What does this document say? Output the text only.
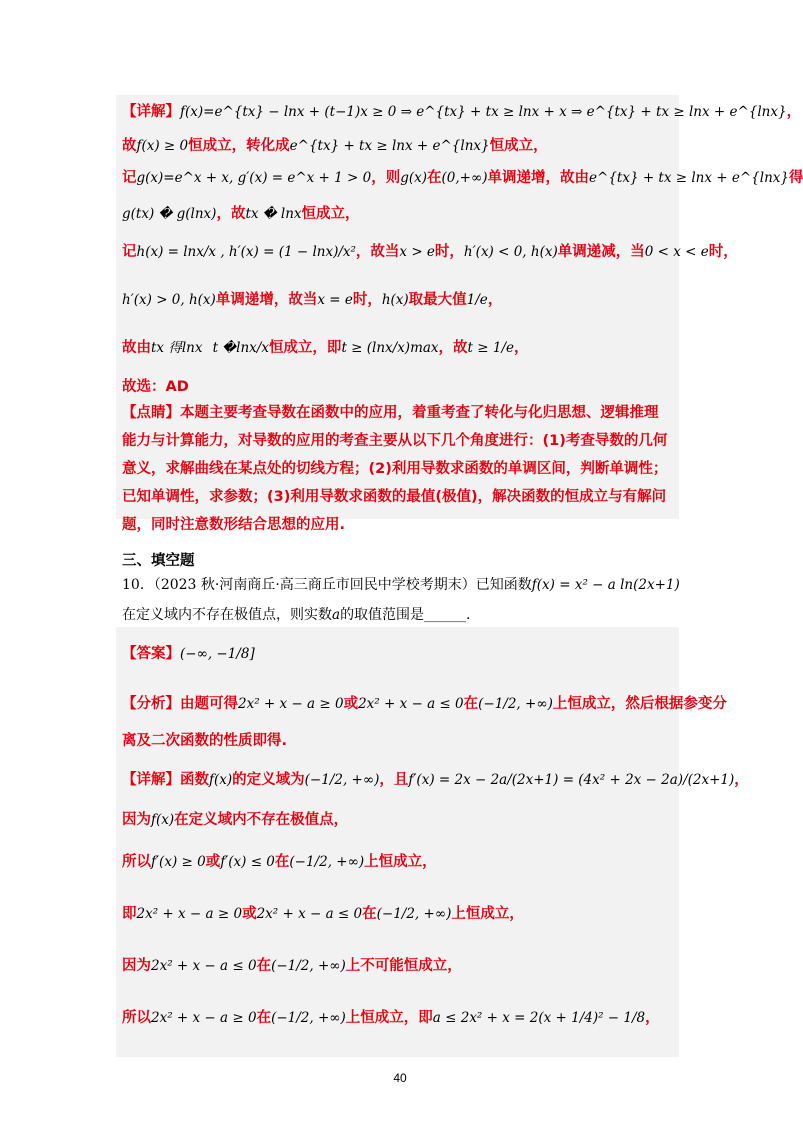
【详解】f(x)=e^{tx} − lnx + (t−1)x ≥ 0 ⇒ e^{tx} + tx ≥ lnx + x ⇒ e^{tx} + tx ≥ lnx + e^{lnx}，
故f(x) ≥ 0恒成立，转化成e^{tx} + tx ≥ lnx + e^{lnx}恒成立，
记g(x)=e^x + x, g′(x) = e^x + 1 > 0，则g(x)在(0,+∞)单调递增，故由e^{tx} + tx ≥ lnx + e^{lnx}得
g(tx) � g(lnx)，故tx � lnx恒成立，
记h(x) = lnx/x , h′(x) = (1 − lnx)/x²，故当x > e时，h′(x) < 0, h(x)单调递减，当0 < x < e时，
h′(x) > 0, h(x)单调递增，故当x = e时，h(x)取最大值1/e，
故由tx 得lnx t �lnx/x恒成立，即t ≥ (lnx/x)max，故t ≥ 1/e，
故选：AD
【点睛】本题主要考查导数在函数中的应用，着重考查了转化与化归思想、逻辑推理能力与计算能力，对导数的应用的考查主要从以下几个角度进行：(1)考查导数的几何意义，求解曲线在某点处的切线方程；(2)利用导数求函数的单调区间，判断单调性；已知单调性，求参数；(3)利用导数求函数的最值(极值)，解决函数的恒成立与有解问题，同时注意数形结合思想的应用.
三、填空题
10．（2023 秋·河南商丘·高三商丘市回民中学校考期末）已知函数f(x) = x² − a ln(2x+1)
在定义域内不存在极值点，则实数a的取值范围是______.
【答案】(−∞, −1/8]
【分析】由题可得2x² + x − a ≥ 0或2x² + x − a ≤ 0在(−1/2, +∞)上恒成立，然后根据参变分
离及二次函数的性质即得.
【详解】函数f(x)的定义域为(−1/2, +∞)，且f′(x) = 2x − 2a/(2x+1) = (4x² + 2x − 2a)/(2x+1)，
因为f(x)在定义域内不存在极值点，
所以f′(x) ≥ 0或f′(x) ≤ 0在(−1/2, +∞)上恒成立，
即2x² + x − a ≥ 0或2x² + x − a ≤ 0在(−1/2, +∞)上恒成立，
因为2x² + x − a ≤ 0在(−1/2, +∞)上不可能恒成立，
所以2x² + x − a ≥ 0在(−1/2, +∞)上恒成立，即a ≤ 2x² + x = 2(x + 1/4)² − 1/8，
40
